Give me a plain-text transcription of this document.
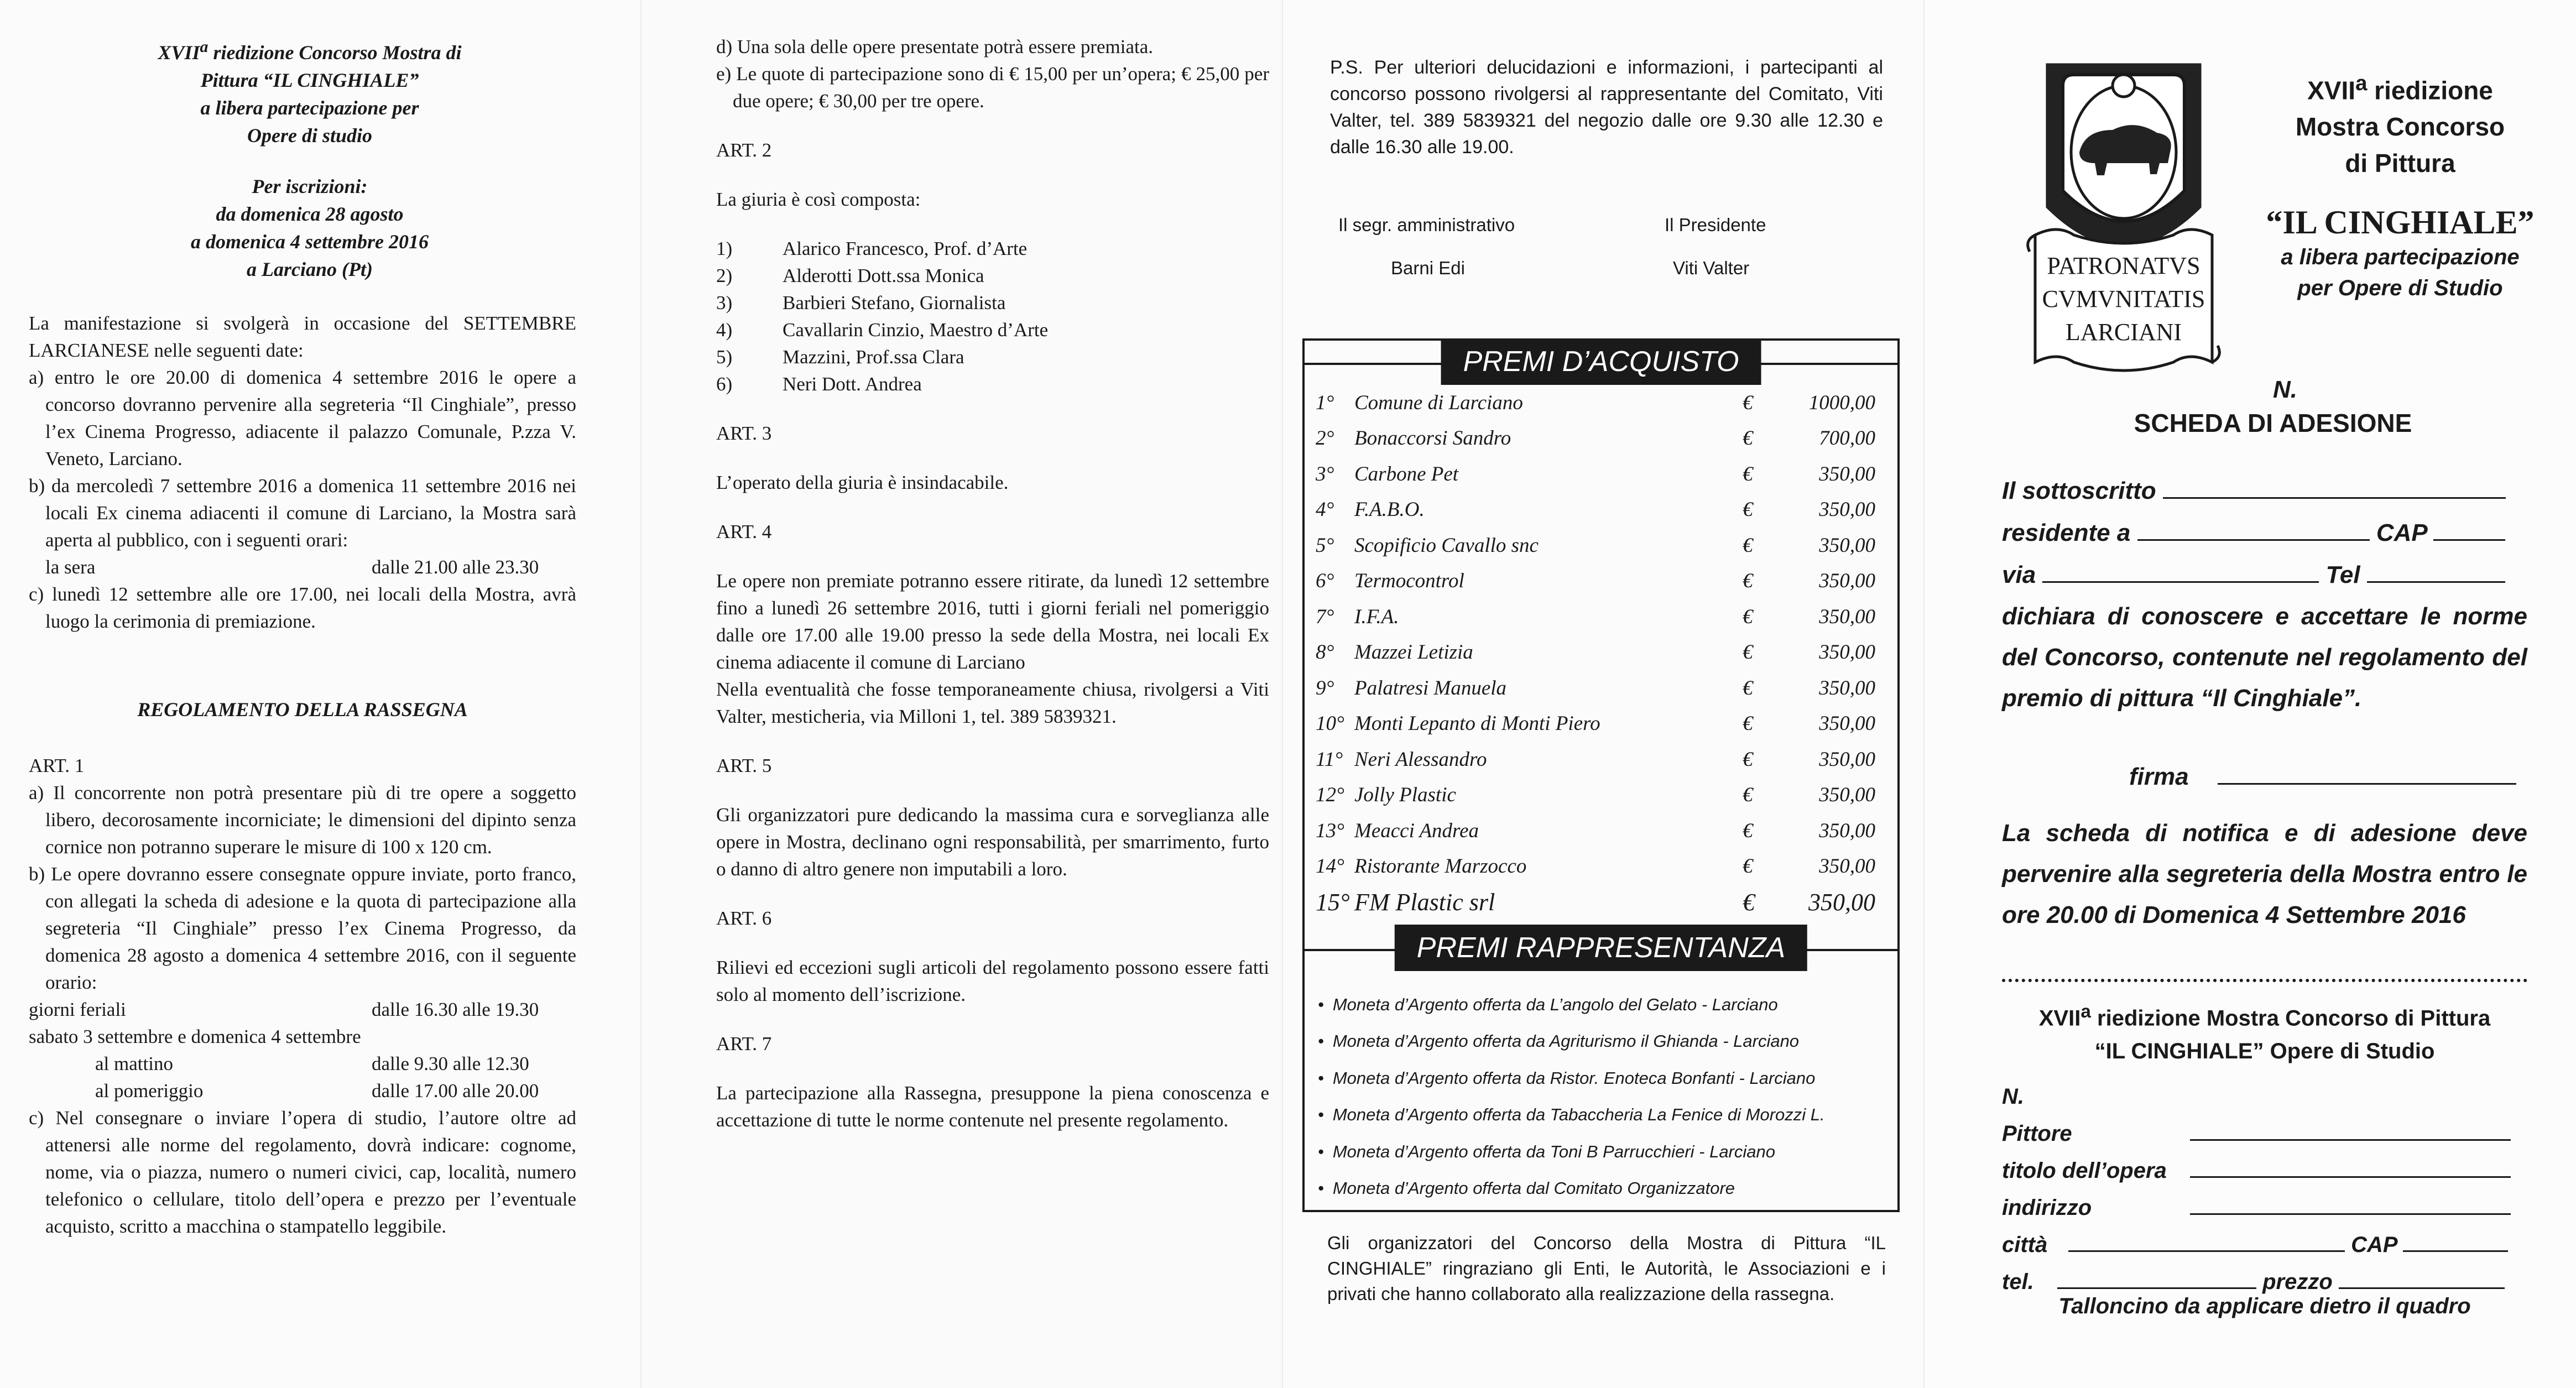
XVII$^a$ riedizione Concorso Mostra di
Pittura “IL CINGHIALE”
a libera partecipazione per
Opere di studio
Per iscrizioni:
da domenica 28 agosto
a domenica 4 settembre 2016
a Larciano (Pt)

La manifestazione si svolgerà in occasione del SETTEMBRE LARCIANESE nelle seguenti date:

a) entro le ore 20.00 di domenica 4 settembre 2016 le opere a concorso dovranno pervenire alla segreteria “Il Cinghiale”, presso l’ex Cinema Progresso, adiacente il palazzo Comunale, P.zza V. Veneto, Larciano.

b) da mercoledì 7 settembre 2016 a domenica 11 settembre 2016 nei locali Ex cinema adiacenti il comune di Larciano, la Mostra sarà aperta al pubblico, con i seguenti orari:

la sera	dalle 21.00 alle 23.30

c) lunedì 12 settembre alle ore 17.00, nei locali della Mostra, avrà luogo la cerimonia di premiazione.

REGOLAMENTO DELLA RASSEGNA

ART. 1

a) Il concorrente non potrà presentare più di tre opere a soggetto libero, decorosamente incorniciate; le dimensioni del dipinto senza cornice non potranno superare le misure di 100 x 120 cm.

b) Le opere dovranno essere consegnate oppure inviate, porto franco, con allegati la scheda di adesione e la quota di partecipazione alla segreteria “Il Cinghiale” presso l’ex Cinema Progresso, da domenica 28 agosto a domenica 4 settembre 2016, con il seguente orario:

giorni feriali	dalle 16.30 alle 19.30
sabato 3 settembre e domenica 4 settembre
al mattino	dalle 9.30 alle 12.30
al pomeriggio	dalle 17.00 alle 20.00

c) Nel consegnare o inviare l’opera di studio, l’autore oltre ad attenersi alle norme del regolamento, dovrà indicare: cognome, nome, via o piazza, numero o numeri civici, cap, località, numero telefonico o cellulare, titolo dell’opera e prezzo per l’eventuale acquisto, scritto a macchina o stampatello leggibile.

d) Una sola delle opere presentate potrà essere premiata.

e) Le quote di partecipazione sono di € 15,00 per un’opera; € 25,00 per due opere; € 30,00 per tre opere.

ART. 2

La giuria è così composta:

1)	Alarico Francesco, Prof. d’Arte
2)	Alderotti Dott.ssa Monica
3)	Barbieri Stefano, Giornalista
4)	Cavallarin Cinzio, Maestro d’Arte
5)	Mazzini, Prof.ssa Clara
6)	Neri Dott. Andrea

ART. 3

L’operato della giuria è insindacabile.

ART. 4

Le opere non premiate potranno essere ritirate, da lunedì 12 settembre fino a lunedì 26 settembre 2016, tutti i giorni feriali nel pomeriggio dalle ore 17.00 alle 19.00 presso la sede della Mostra, nei locali Ex cinema adiacente il comune di Larciano

Nella eventualità che fosse temporaneamente chiusa, rivolgersi a Viti Valter, mesticheria, via Milloni 1, tel. 389 5839321.

ART. 5

Gli organizzatori pure dedicando la massima cura e sorveglianza alle opere in Mostra, declinano ogni responsabilità, per smarrimento, furto o danno di altro genere non imputabili a loro.

ART. 6

Rilievi ed eccezioni sugli articoli del regolamento possono essere fatti solo al momento dell’iscrizione.

ART. 7

La partecipazione alla Rassegna, presuppone la piena conoscenza e accettazione di tutte le norme contenute nel presente regolamento.

P.S. Per ulteriori delucidazioni e informazioni, i partecipanti al concorso possono rivolgersi al rappresentante del Comitato, Viti Valter, tel. 389 5839321 del negozio dalle ore 9.30 alle 12.30 e dalle 16.30 alle 19.00.

Il segr. amministrativo	Il Presidente
Barni Edi	Viti Valter
PREMI D’ACQUISTO
1°	Comune di Larciano	€	1000,00
2°	Bonaccorsi Sandro	€	700,00
3°	Carbone Pet	€	350,00
4°	F.A.B.O.	€	350,00
5°	Scopificio Cavallo snc	€	350,00
6°	Termocontrol	€	350,00
7°	I.F.A.	€	350,00
8°	Mazzei Letizia	€	350,00
9°	Palatresi Manuela	€	350,00
10°	Monti Lepanto di Monti Piero	€	350,00
11°	Neri Alessandro	€	350,00
12°	Jolly Plastic	€	350,00
13°	Meacci Andrea	€	350,00
14°	Ristorante Marzocco	€	350,00
15°	FM Plastic srl	€	350,00
PREMI RAPPRESENTANZA
• Moneta d’Argento offerta da L’angolo del Gelato - Larciano
• Moneta d’Argento offerta da Agriturismo il Ghianda - Larciano
• Moneta d’Argento offerta da Ristor. Enoteca Bonfanti - Larciano
• Moneta d’Argento offerta da Tabaccheria La Fenice di Morozzi L.
• Moneta d’Argento offerta da Toni B Parrucchieri - Larciano
• Moneta d’Argento offerta dal Comitato Organizzatore

Gli organizzatori del Concorso della Mostra di Pittura “IL CINGHIALE” ringraziano gli Enti, le Autorità, le Associazioni e i privati che hanno collaborato alla realizzazione della rassegna.

PATRONATVS
CVMVNITATIS
LARCIANI
XVII$^a$ riedizione
Mostra Concorso
di Pittura
“IL CINGHIALE”
a libera partecipazione
per Opere di Studio
N.
SCHEDA DI ADESIONE
Il sottoscritto
residente a	CAP
via	Tel

dichiara di conoscere e accettare le norme del Concorso, contenute nel regolamento del premio di pittura “Il Cinghiale”.

firma

La scheda di notifica e di adesione deve pervenire alla segreteria della Mostra entro le ore 20.00 di Domenica 4 Settembre 2016

XVII$^a$ riedizione Mostra Concorso di Pittura
“IL CINGHIALE” Opere di Studio
N.
Pittore
titolo dell’opera
indirizzo
città	CAP
tel.	prezzo
Talloncino da applicare dietro il quadro
